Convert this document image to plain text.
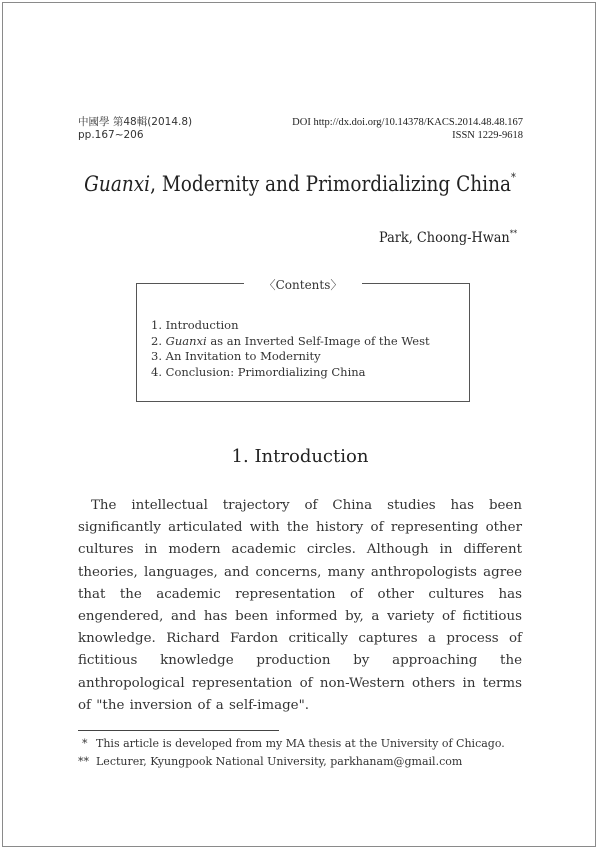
中國學 第48輯(2014.8)
pp.167~206
DOI http://dx.doi.org/10.14378/KACS.2014.48.48.167
ISSN 1229-9618
Guanxi, Modernity and Primordializing China*
Park, Choong-Hwan**
〈Contents〉
1. Introduction
2. Guanxi as an Inverted Self-Image of the West
3. An Invitation to Modernity
4. Conclusion: Primordializing China
1. Introduction

The intellectual trajectory of China studies has been significantly articulated with the history of representing other cultures in modern academic circles. Although in different theories, languages, and concerns, many anthropologists agree that the academic representation of other cultures has engendered, and has been informed by, a variety of fictitious knowledge. Richard Fardon critically captures a process of fictitious knowledge production by approaching the anthropological representation of non-Western others in terms of "the inversion of a self-image".

* This article is developed from my MA thesis at the University of Chicago.
** Lecturer, Kyungpook National University, parkhanam@gmail.com
